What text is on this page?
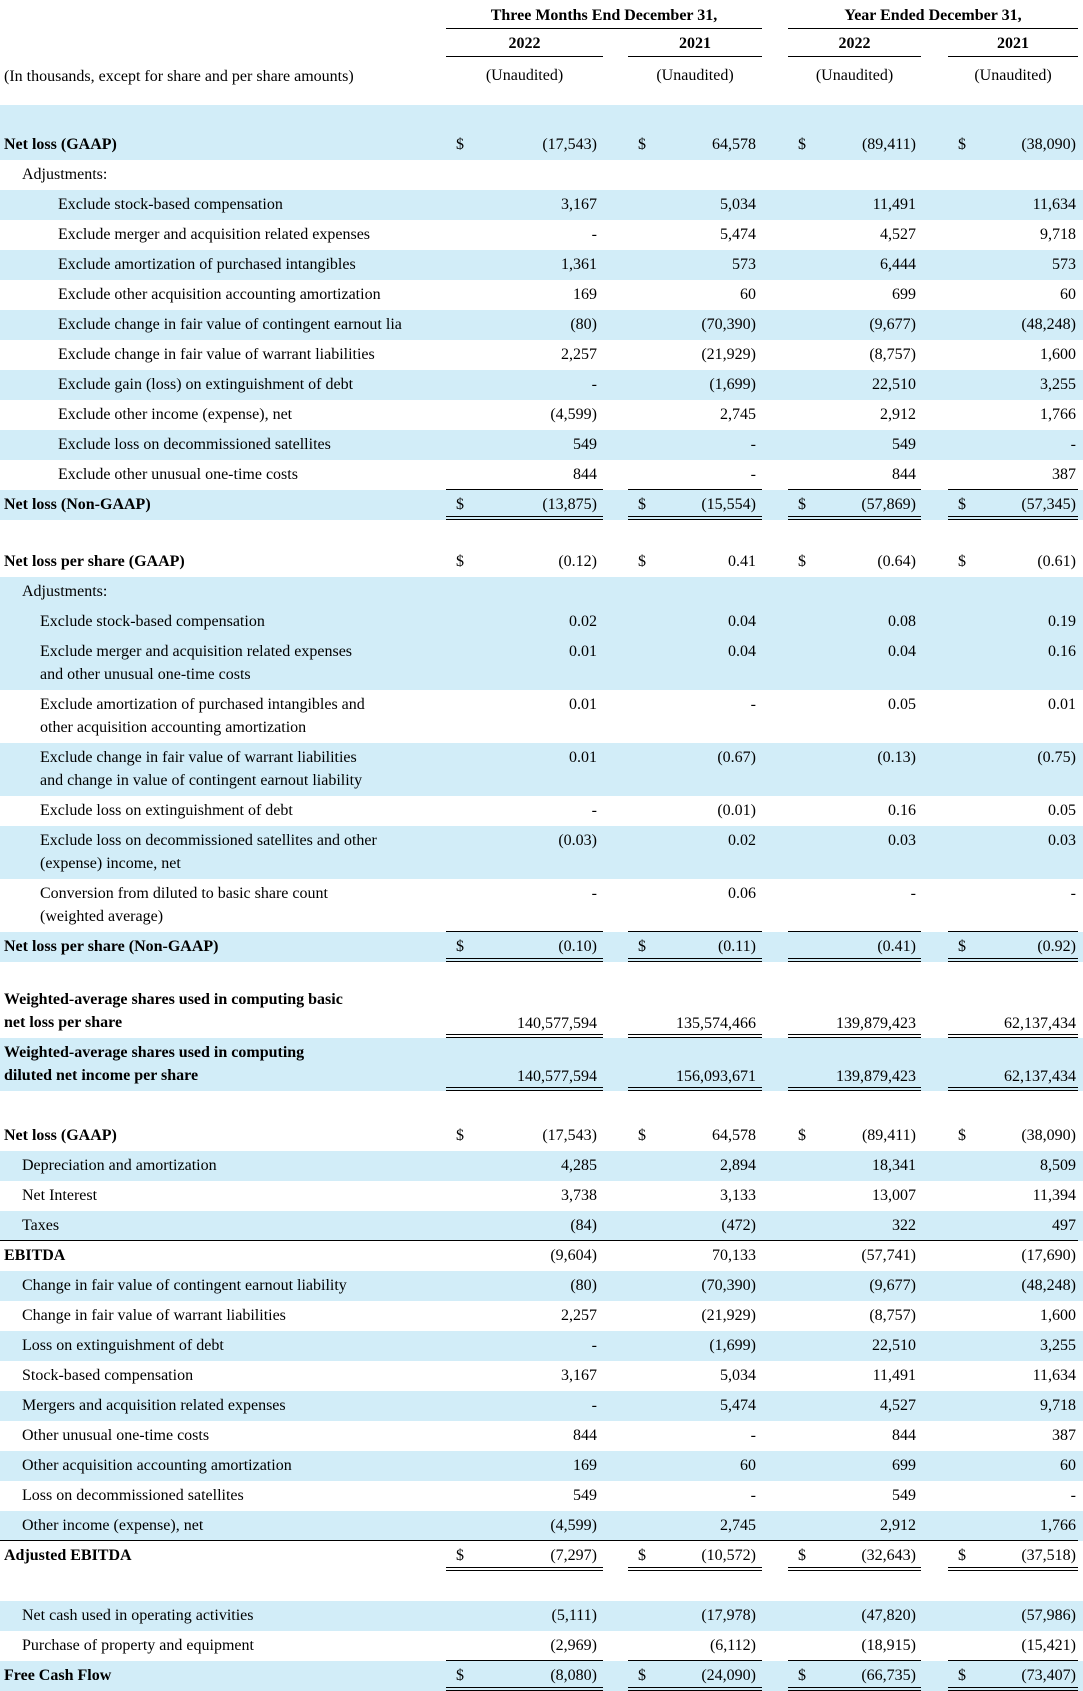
Three Months End December 31,	Year Ended December 31,
2022	2021	2022	2021
(In thousands, except for share and per share amounts)	(Unaudited)	(Unaudited)	(Unaudited)	(Unaudited)
Net loss (GAAP)	(17,543)	64,578	(89,411)	(38,090)
$	$	$	$
Adjustments:
Exclude stock-based compensation	3,167	5,034	11,491	11,634
Exclude merger and acquisition related expenses	-	5,474	4,527	9,718
Exclude amortization of purchased intangibles	1,361	573	6,444	573
Exclude other acquisition accounting amortization	169	60	699	60
Exclude change in fair value of contingent earnout lia	(80)	(70,390)	(9,677)	(48,248)
Exclude change in fair value of warrant liabilities	2,257	(21,929)	(8,757)	1,600
Exclude gain (loss) on extinguishment of debt	-	(1,699)	22,510	3,255
Exclude other income (expense), net	(4,599)	2,745	2,912	1,766
Exclude loss on decommissioned satellites	549	-	549	-
Exclude other unusual one-time costs	844	-	844	387
Net loss (Non-GAAP)	(13,875)	(15,554)	(57,869)	(57,345)
$	$	$	$
Net loss per share (GAAP)	(0.12)	0.41	(0.64)	(0.61)
$	$	$	$
Adjustments:
Exclude stock-based compensation	0.02	0.04	0.08	0.19
Exclude merger and acquisition related expenses
and other unusual one-time costs
0.01	0.04	0.04	0.16
Exclude amortization of purchased intangibles and
other acquisition accounting amortization
0.01	-	0.05	0.01
Exclude change in fair value of warrant liabilities
and change in value of contingent earnout liability
0.01	(0.67)	(0.13)	(0.75)
Exclude loss on extinguishment of debt	-	(0.01)	0.16	0.05
Exclude loss on decommissioned satellites and other
(expense) income, net
(0.03)	0.02	0.03	0.03
Conversion from diluted to basic share count
(weighted average)
-	0.06	-	-
Net loss per share (Non-GAAP)	(0.10)	(0.11)	(0.41)	(0.92)
$	$	$
Weighted-average shares used in computing basic
net loss per share	140,577,594	135,574,466	139,879,423	62,137,434
Weighted-average shares used in computing
diluted net income per share	140,577,594	156,093,671	139,879,423	62,137,434
Net loss (GAAP)	(17,543)	64,578	(89,411)	(38,090)
$	$	$	$
Depreciation and amortization	4,285	2,894	18,341	8,509
Net Interest	3,738	3,133	13,007	11,394
Taxes	(84)	(472)	322	497
EBITDA	(9,604)	70,133	(57,741)	(17,690)
Change in fair value of contingent earnout liability	(80)	(70,390)	(9,677)	(48,248)
Change in fair value of warrant liabilities	2,257	(21,929)	(8,757)	1,600
Loss on extinguishment of debt	-	(1,699)	22,510	3,255
Stock-based compensation	3,167	5,034	11,491	11,634
Mergers and acquisition related expenses	-	5,474	4,527	9,718
Other unusual one-time costs	844	-	844	387
Other acquisition accounting amortization	169	60	699	60
Loss on decommissioned satellites	549	-	549	-
Other income (expense), net	(4,599)	2,745	2,912	1,766
Adjusted EBITDA	(7,297)	(10,572)	(32,643)	(37,518)
$	$	$	$
Net cash used in operating activities	(5,111)	(17,978)	(47,820)	(57,986)
Purchase of property and equipment	(2,969)	(6,112)	(18,915)	(15,421)
Free Cash Flow	(8,080)	(24,090)	(66,735)	(73,407)
$	$	$	$
